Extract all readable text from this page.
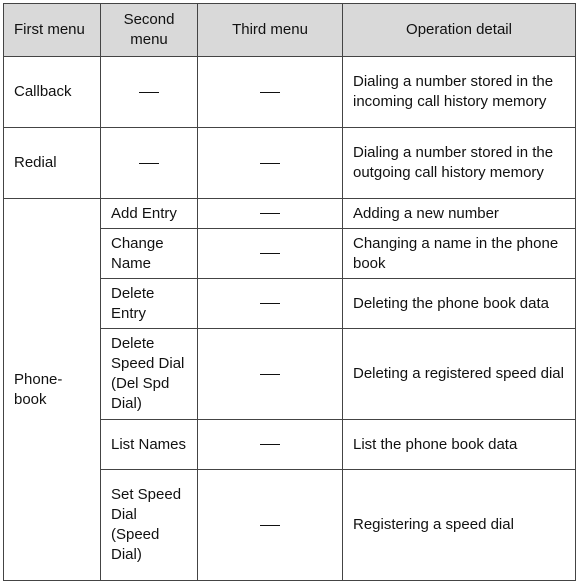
First menu	Second menu	Third menu	Operation detail
Callback			Dialing a number stored in the incoming call history memory
Redial			Dialing a number stored in the outgoing call history memory
Phone-book	Add Entry		Adding a new number
	Change Name		Changing a name in the phone book
	Delete Entry		Deleting the phone book data
	Delete Speed Dial (Del Spd Dial)		Deleting a registered speed dial
	List Names		List the phone book data
	Set Speed Dial (Speed Dial)		Registering a speed dial
